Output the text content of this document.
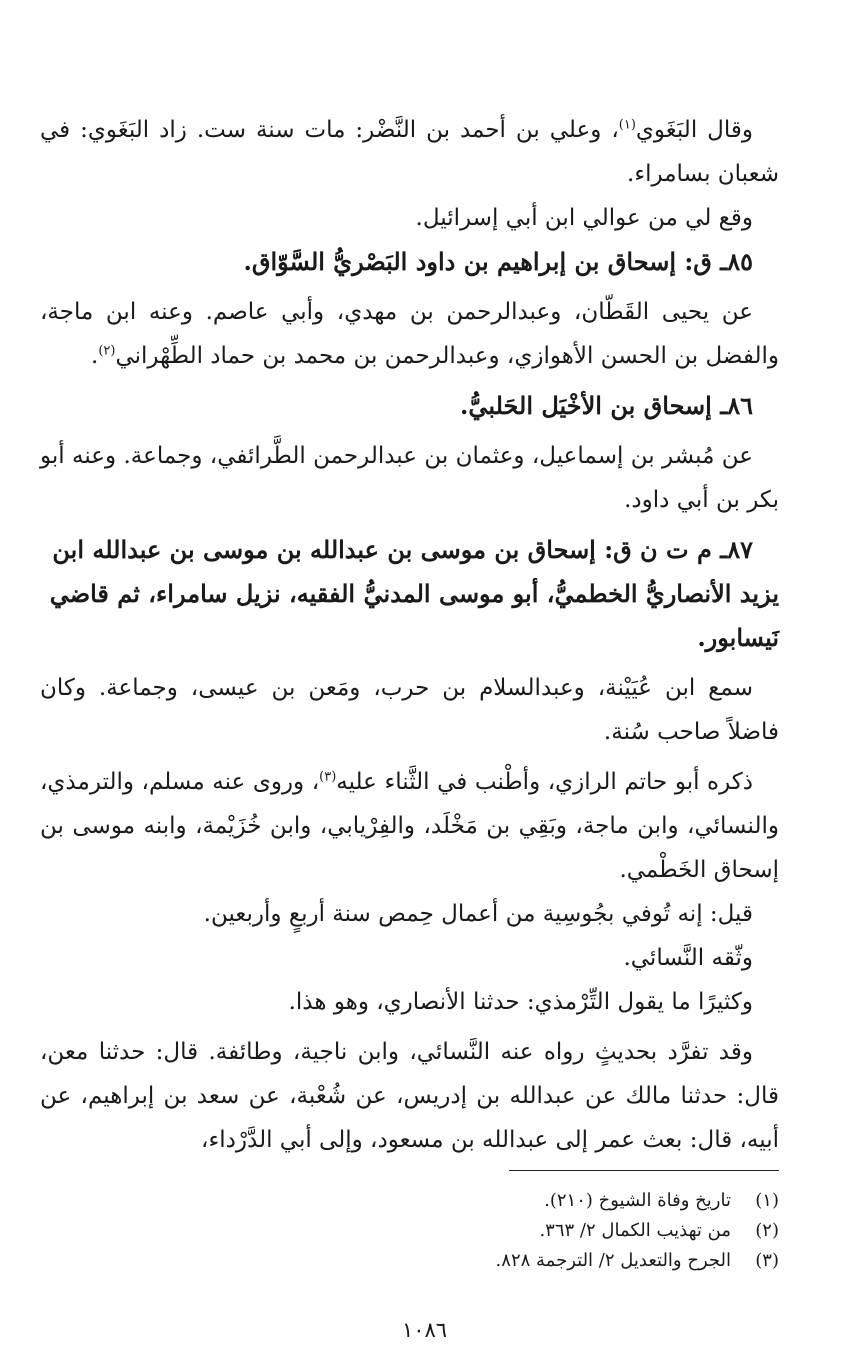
وقال البَغَوي$^{(١)}$، وعلي بن أحمد بن النَّضْر: مات سنة ست. زاد البَغَوي: في شعبان بسامراء.

وقع لي من عوالي ابن أبي إسرائيل.

٨٥ـ ق: إسحاق بن إبراهيم بن داود البَصْريُّ السَّوّاق.

عن يحيى القَطّان، وعبدالرحمن بن مهدي، وأبي عاصم. وعنه ابن ماجة، والفضل بن الحسن الأهوازي، وعبدالرحمن بن محمد بن حماد الطِّهْراني$^{(٢)}$.

٨٦ـ إسحاق بن الأخْيَل الحَلبيُّ.

عن مُبشر بن إسماعيل، وعثمان بن عبدالرحمن الطَّرائفي، وجماعة. وعنه أبو بكر بن أبي داود.

٨٧ـ م ت ن ق: إسحاق بن موسى بن عبدالله بن موسى بن عبدالله ابن يزيد الأنصاريُّ الخطميُّ، أبو موسى المدنيُّ الفقيه، نزيل سامراء، ثم قاضي نَيسابور.

سمع ابن عُيَيْنة، وعبدالسلام بن حرب، ومَعن بن عيسى، وجماعة. وكان فاضلاً صاحب سُنة.

ذكره أبو حاتم الرازي، وأطْنب في الثَّناء عليه$^{(٣)}$، وروى عنه مسلم، والترمذي، والنسائي، وابن ماجة، وبَقِي بن مَخْلَد، والفِرْيابي، وابن خُزَيْمة، وابنه موسى بن إسحاق الخَطْمي.

قيل: إنه تُوفي بجُوسِية من أعمال حِمص سنة أربعٍ وأربعين.

وثّقه النَّسائي.

وكثيرًا ما يقول التِّرْمذي: حدثنا الأنصاري، وهو هذا.

وقد تفرَّد بحديثٍ رواه عنه النَّسائي، وابن ناجية، وطائفة. قال: حدثنا معن، قال: حدثنا مالك عن عبدالله بن إدريس، عن شُعْبة، عن سعد بن إبراهيم، عن أبيه، قال: بعث عمر إلى عبدالله بن مسعود، وإلى أبي الدَّرْداء،

(١)تاريخ وفاة الشيوخ (٢١٠).

(٢)من تهذيب الكمال ٢/ ٣٦٣.

(٣)الجرح والتعديل ٢/ الترجمة ٨٢٨.

١٠٨٦
